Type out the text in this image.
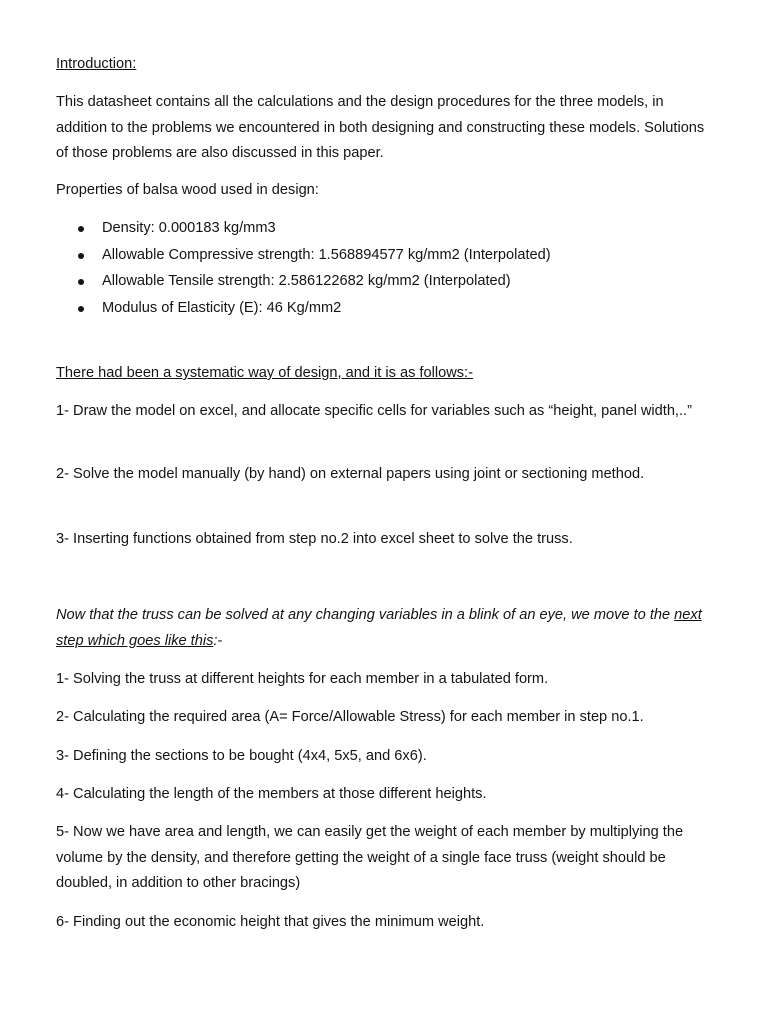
Introduction:

This datasheet contains all the calculations and the design procedures for the three models, in addition to the problems we encountered in both designing and constructing these models. Solutions of those problems are also discussed in this paper.

Properties of balsa wood used in design:

Density: 0.000183 kg/mm3
Allowable Compressive strength: 1.568894577 kg/mm2 (Interpolated)
Allowable Tensile strength: 2.586122682 kg/mm2 (Interpolated)
Modulus of Elasticity (E): 46 Kg/mm2

There had been a systematic way of design, and it is as follows:-

1- Draw the model on excel, and allocate specific cells for variables such as “height, panel width,..”

2- Solve the model manually (by hand) on external papers using joint or sectioning method.

3- Inserting functions obtained from step no.2 into excel sheet to solve the truss.

Now that the truss can be solved at any changing variables in a blink of an eye, we move to the next step which goes like this:-

1- Solving the truss at different heights for each member in a tabulated form.

2- Calculating the required area (A= Force/Allowable Stress) for each member in step no.1.

3- Defining the sections to be bought (4x4, 5x5, and 6x6).

4- Calculating the length of the members at those different heights.

5- Now we have area and length, we can easily get the weight of each member by multiplying the volume by the density, and therefore getting the weight of a single face truss (weight should be doubled, in addition to other bracings)

6- Finding out the economic height that gives the minimum weight.
